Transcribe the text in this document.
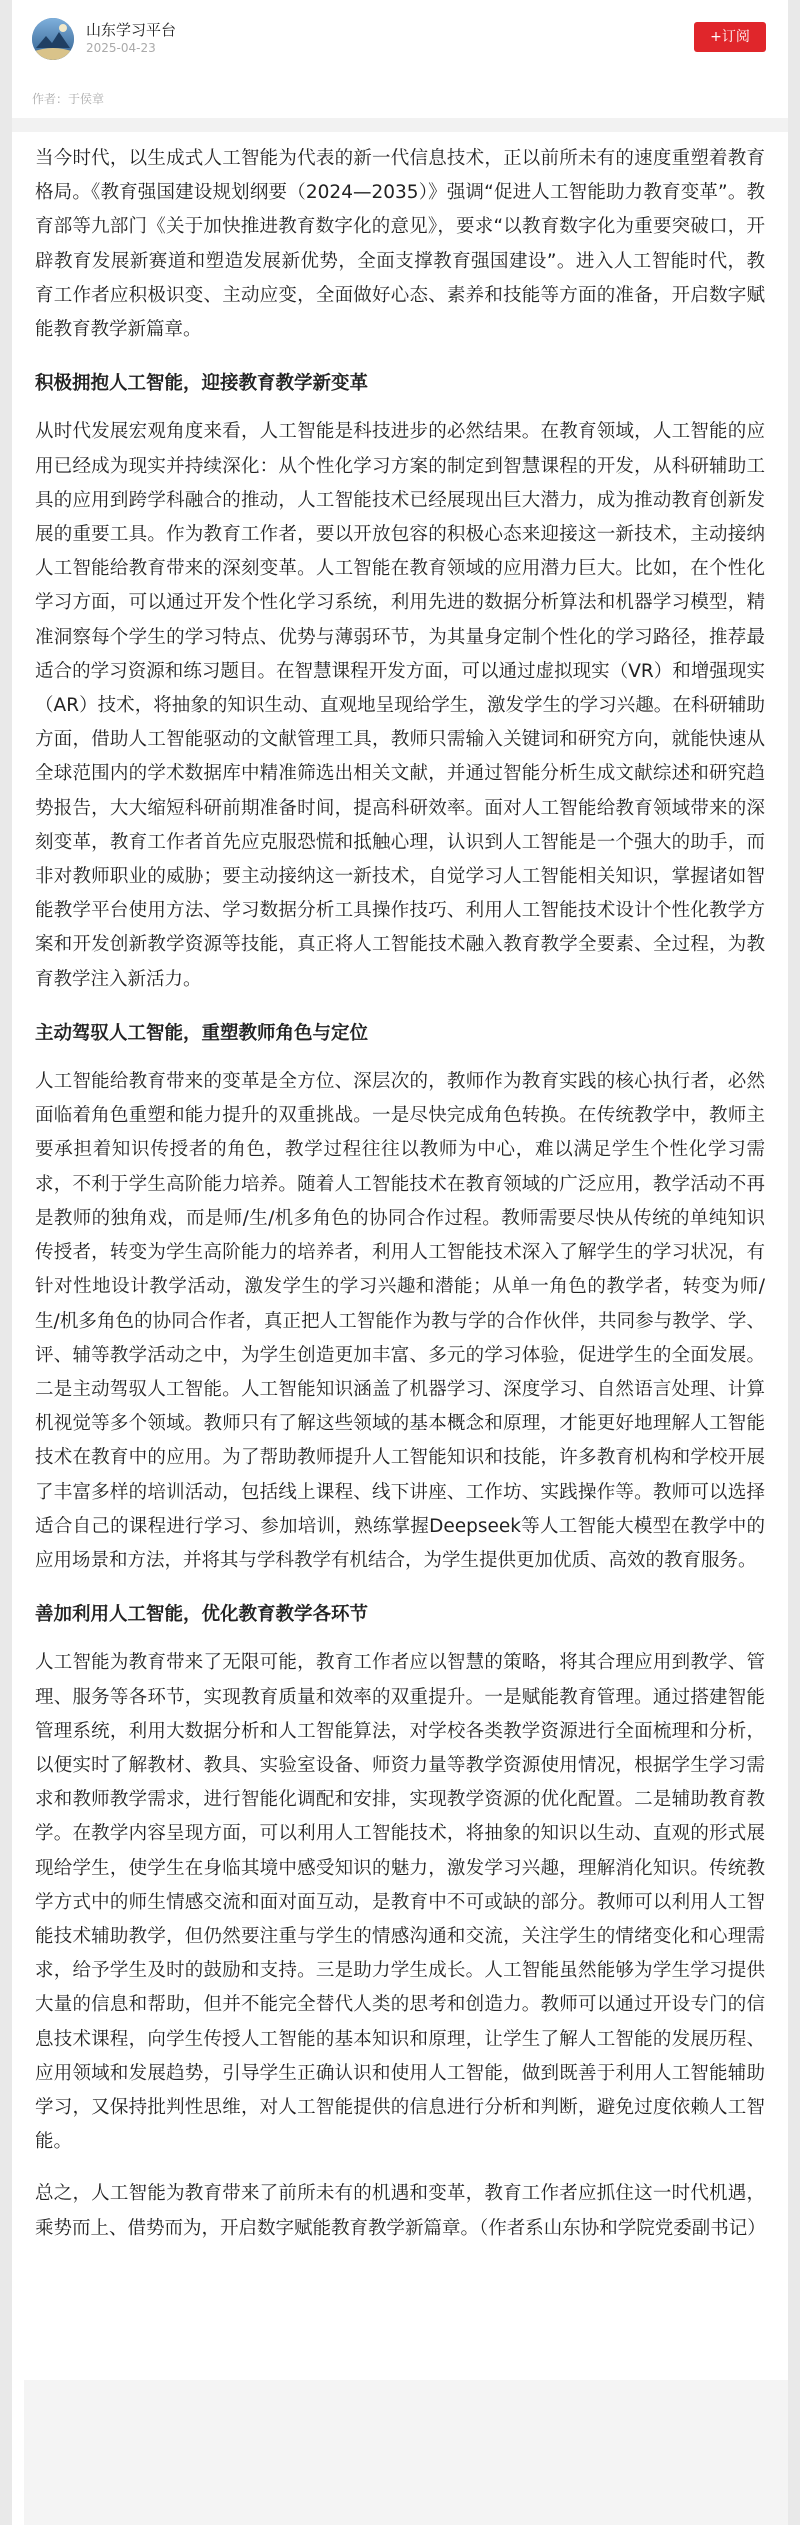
山东学习平台
2025-04-23
+订阅
作者：于侯章

当今时代，以生成式人工智能为代表的新一代信息技术，正以前所未有的速度重塑着教育格局。《教育强国建设规划纲要（2024—2035）》强调“促进人工智能助力教育变革”。教育部等九部门《关于加快推进教育数字化的意见》，要求“以教育数字化为重要突破口，开辟教育发展新赛道和塑造发展新优势，全面支撑教育强国建设”。进入人工智能时代，教育工作者应积极识变、主动应变，全面做好心态、素养和技能等方面的准备，开启数字赋能教育教学新篇章。

积极拥抱人工智能，迎接教育教学新变革

从时代发展宏观角度来看，人工智能是科技进步的必然结果。在教育领域，人工智能的应用已经成为现实并持续深化：从个性化学习方案的制定到智慧课程的开发，从科研辅助工具的应用到跨学科融合的推动，人工智能技术已经展现出巨大潜力，成为推动教育创新发展的重要工具。作为教育工作者，要以开放包容的积极心态来迎接这一新技术，主动接纳人工智能给教育带来的深刻变革。人工智能在教育领域的应用潜力巨大。比如，在个性化学习方面，可以通过开发个性化学习系统，利用先进的数据分析算法和机器学习模型，精准洞察每个学生的学习特点、优势与薄弱环节，为其量身定制个性化的学习路径，推荐最适合的学习资源和练习题目。在智慧课程开发方面，可以通过虚拟现实（VR）和增强现实（AR）技术，将抽象的知识生动、直观地呈现给学生，激发学生的学习兴趣。在科研辅助方面，借助人工智能驱动的文献管理工具，教师只需输入关键词和研究方向，就能快速从全球范围内的学术数据库中精准筛选出相关文献，并通过智能分析生成文献综述和研究趋势报告，大大缩短科研前期准备时间，提高科研效率。面对人工智能给教育领域带来的深刻变革，教育工作者首先应克服恐慌和抵触心理，认识到人工智能是一个强大的助手，而非对教师职业的威胁；要主动接纳这一新技术，自觉学习人工智能相关知识，掌握诸如智能教学平台使用方法、学习数据分析工具操作技巧、利用人工智能技术设计个性化教学方案和开发创新教学资源等技能，真正将人工智能技术融入教育教学全要素、全过程，为教育教学注入新活力。

主动驾驭人工智能，重塑教师角色与定位

人工智能给教育带来的变革是全方位、深层次的，教师作为教育实践的核心执行者，必然面临着角色重塑和能力提升的双重挑战。一是尽快完成角色转换。在传统教学中，教师主要承担着知识传授者的角色，教学过程往往以教师为中心，难以满足学生个性化学习需求，不利于学生高阶能力培养。随着人工智能技术在教育领域的广泛应用，教学活动不再是教师的独角戏，而是师/生/机多角色的协同合作过程。教师需要尽快从传统的单纯知识传授者，转变为学生高阶能力的培养者，利用人工智能技术深入了解学生的学习状况，有针对性地设计教学活动，激发学生的学习兴趣和潜能；从单一角色的教学者，转变为师/生/机多角色的协同合作者，真正把人工智能作为教与学的合作伙伴，共同参与教学、学、评、辅等教学活动之中，为学生创造更加丰富、多元的学习体验，促进学生的全面发展。二是主动驾驭人工智能。人工智能知识涵盖了机器学习、深度学习、自然语言处理、计算机视觉等多个领域。教师只有了解这些领域的基本概念和原理，才能更好地理解人工智能技术在教育中的应用。为了帮助教师提升人工智能知识和技能，许多教育机构和学校开展了丰富多样的培训活动，包括线上课程、线下讲座、工作坊、实践操作等。教师可以选择适合自己的课程进行学习、参加培训，熟练掌握Deepseek等人工智能大模型在教学中的应用场景和方法，并将其与学科教学有机结合，为学生提供更加优质、高效的教育服务。

善加利用人工智能，优化教育教学各环节

人工智能为教育带来了无限可能，教育工作者应以智慧的策略，将其合理应用到教学、管理、服务等各环节，实现教育质量和效率的双重提升。一是赋能教育管理。通过搭建智能管理系统，利用大数据分析和人工智能算法，对学校各类教学资源进行全面梳理和分析，以便实时了解教材、教具、实验室设备、师资力量等教学资源使用情况，根据学生学习需求和教师教学需求，进行智能化调配和安排，实现教学资源的优化配置。二是辅助教育教学。在教学内容呈现方面，可以利用人工智能技术，将抽象的知识以生动、直观的形式展现给学生，使学生在身临其境中感受知识的魅力，激发学习兴趣，理解消化知识。传统教学方式中的师生情感交流和面对面互动，是教育中不可或缺的部分。教师可以利用人工智能技术辅助教学，但仍然要注重与学生的情感沟通和交流，关注学生的情绪变化和心理需求，给予学生及时的鼓励和支持。三是助力学生成长。人工智能虽然能够为学生学习提供大量的信息和帮助，但并不能完全替代人类的思考和创造力。教师可以通过开设专门的信息技术课程，向学生传授人工智能的基本知识和原理，让学生了解人工智能的发展历程、应用领域和发展趋势，引导学生正确认识和使用人工智能，做到既善于利用人工智能辅助学习，又保持批判性思维，对人工智能提供的信息进行分析和判断，避免过度依赖人工智能。

总之，人工智能为教育带来了前所未有的机遇和变革，教育工作者应抓住这一时代机遇，乘势而上、借势而为，开启数字赋能教育教学新篇章。（作者系山东协和学院党委副书记）
